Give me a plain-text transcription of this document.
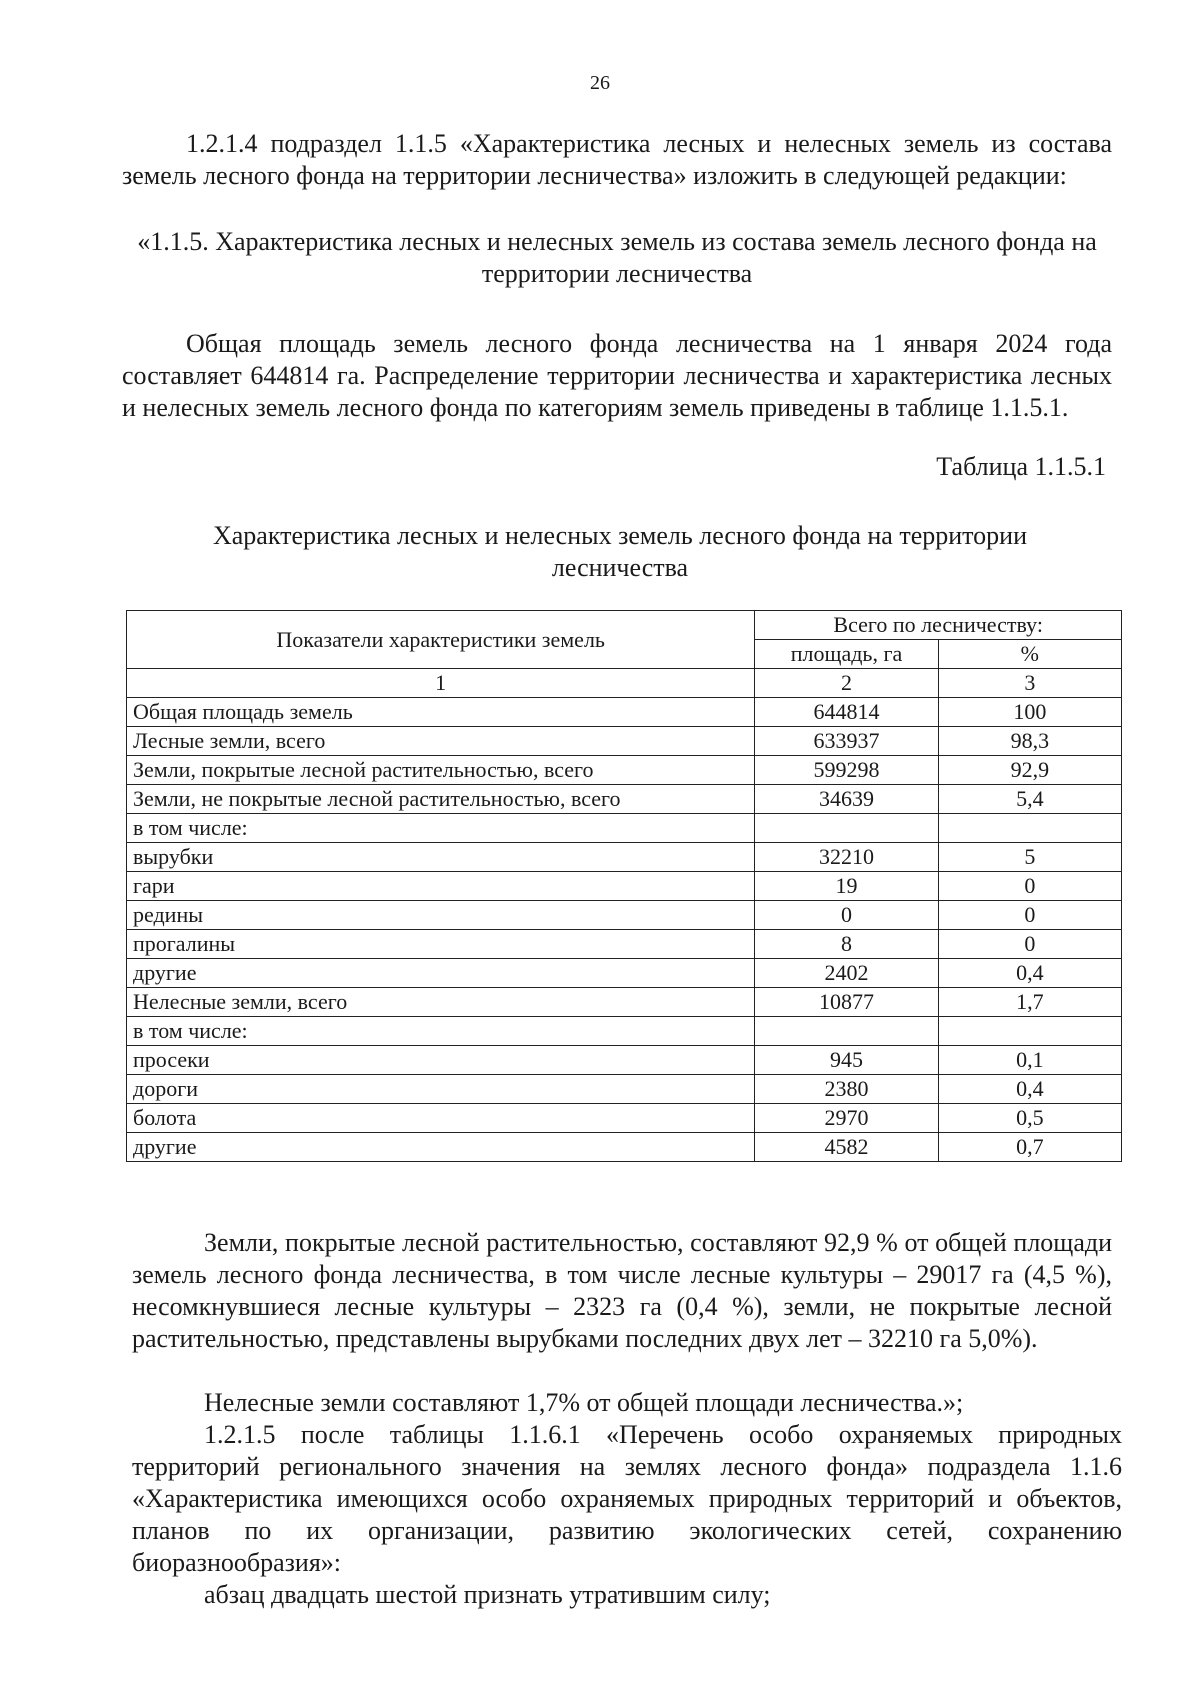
26
1.2.1.4 подраздел 1.1.5 «Характеристика лесных и нелесных земель из состава земель лесного фонда на территории лесничества» изложить в следующей редакции:
«1.1.5. Характеристика лесных и нелесных земель из состава земель лесного фонда на территории лесничества
Общая площадь земель лесного фонда лесничества на 1 января 2024 года составляет 644814 га. Распределение территории лесничества и характеристика лесных и нелесных земель лесного фонда по категориям земель приведены в таблице 1.1.5.1.
Таблица 1.1.5.1
Характеристика лесных и нелесных земель лесного фонда на территории лесничества
Показатели характеристики земель	Всего по лесничеству:	
	площадь, га	%
1	2	3
Общая площадь земель	644814	100
Лесные земли, всего	633937	98,3
Земли, покрытые лесной растительностью, всего	599298	92,9
Земли, не покрытые лесной растительностью, всего	34639	5,4
в том числе:		
вырубки	32210	5
гари	19	0
редины	0	0
прогалины	8	0
другие	2402	0,4
Нелесные земли, всего	10877	1,7
в том числе:		
просеки	945	0,1
дороги	2380	0,4
болота	2970	0,5
другие	4582	0,7
Земли, покрытые лесной растительностью, составляют 92,9 % от общей площади земель лесного фонда лесничества, в том числе лесные культуры – 29017 га (4,5 %), несомкнувшиеся лесные культуры – 2323 га (0,4 %), земли, не покрытые лесной растительностью, представлены вырубками последних двух лет – 32210 га 5,0%).
Нелесные земли составляют 1,7% от общей площади лесничества.»;
1.2.1.5 после таблицы 1.1.6.1 «Перечень особо охраняемых природных территорий регионального значения на землях лесного фонда» подраздела 1.1.6 «Характеристика имеющихся особо охраняемых природных территорий и объектов, планов по их организации, развитию экологических сетей, сохранению биоразнообразия»:
абзац двадцать шестой признать утратившим силу;
